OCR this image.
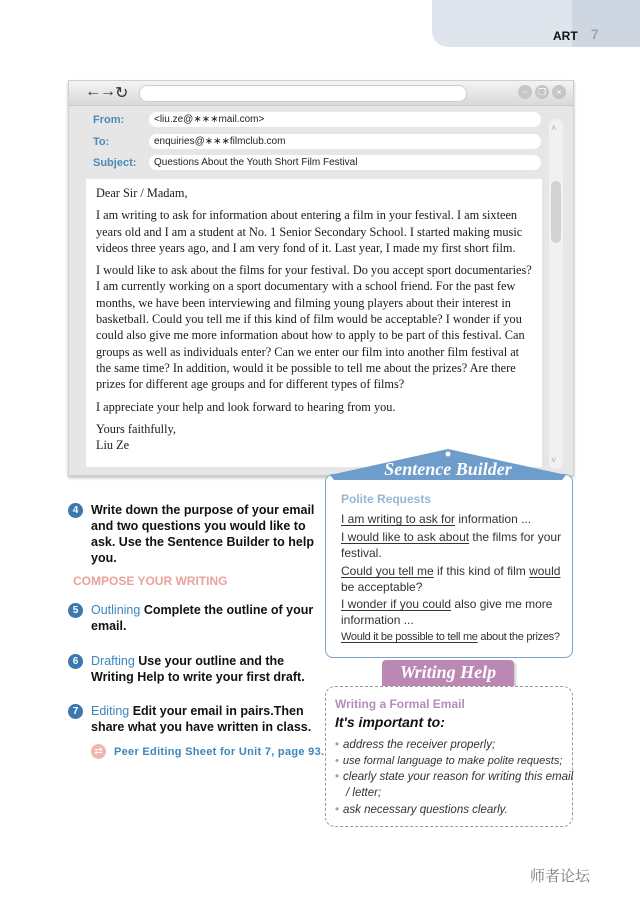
ART 7
← → ↻	−	❐	×
From:	<liu.ze@∗∗∗mail.com>
To:	enquiries@∗∗∗filmclub.com
Subject:	Questions About the Youth Short Film Festival

Dear Sir / Madam,

I am writing to ask for information about entering a film in your festival. I am sixteen years old and I am a student at No. 1 Senior Secondary School. I started making music videos three years ago, and I am very fond of it. Last year, I made my first short film.

I would like to ask about the films for your festival. Do you accept sport documentaries? I am currently working on a sport documentary with a school friend. For the past few months, we have been interviewing and filming young players about their interest in basketball. Could you tell me if this kind of film would be acceptable? I wonder if you could also give me more information about how to apply to be part of this festival. Can groups as well as individuals enter? Can we enter our film into another film festival at the same time? In addition, would it be possible to tell me about the prizes? Are there prizes for different age groups and for different types of films?

I appreciate your help and look forward to hearing from you.

Yours faithfully,
Liu Ze
˄
˅
Sentence Builder
Polite Requests
I am writing to ask for information ...
I would like to ask about the films for your festival.
Could you tell me if this kind of film would be acceptable?
I wonder if you could also give me more information ...
Would it be possible to tell me about the prizes?
Writing Help
Writing a Formal Email
It's important to:
• address the receiver properly;
• use formal language to make polite requests;
• clearly state your reason for writing this email / letter;
• ask necessary questions clearly.
4	Write down the purpose of your email and two questions you would like to ask. Use the Sentence Builder to help you.
COMPOSE YOUR WRITING
5	Outlining Complete the outline of your email.
6	Drafting Use your outline and the Writing Help to write your first draft.
7	Editing Edit your email in pairs.Then share what you have written in class.
⇄	Peer Editing Sheet for Unit 7, page 93.
师者论坛
